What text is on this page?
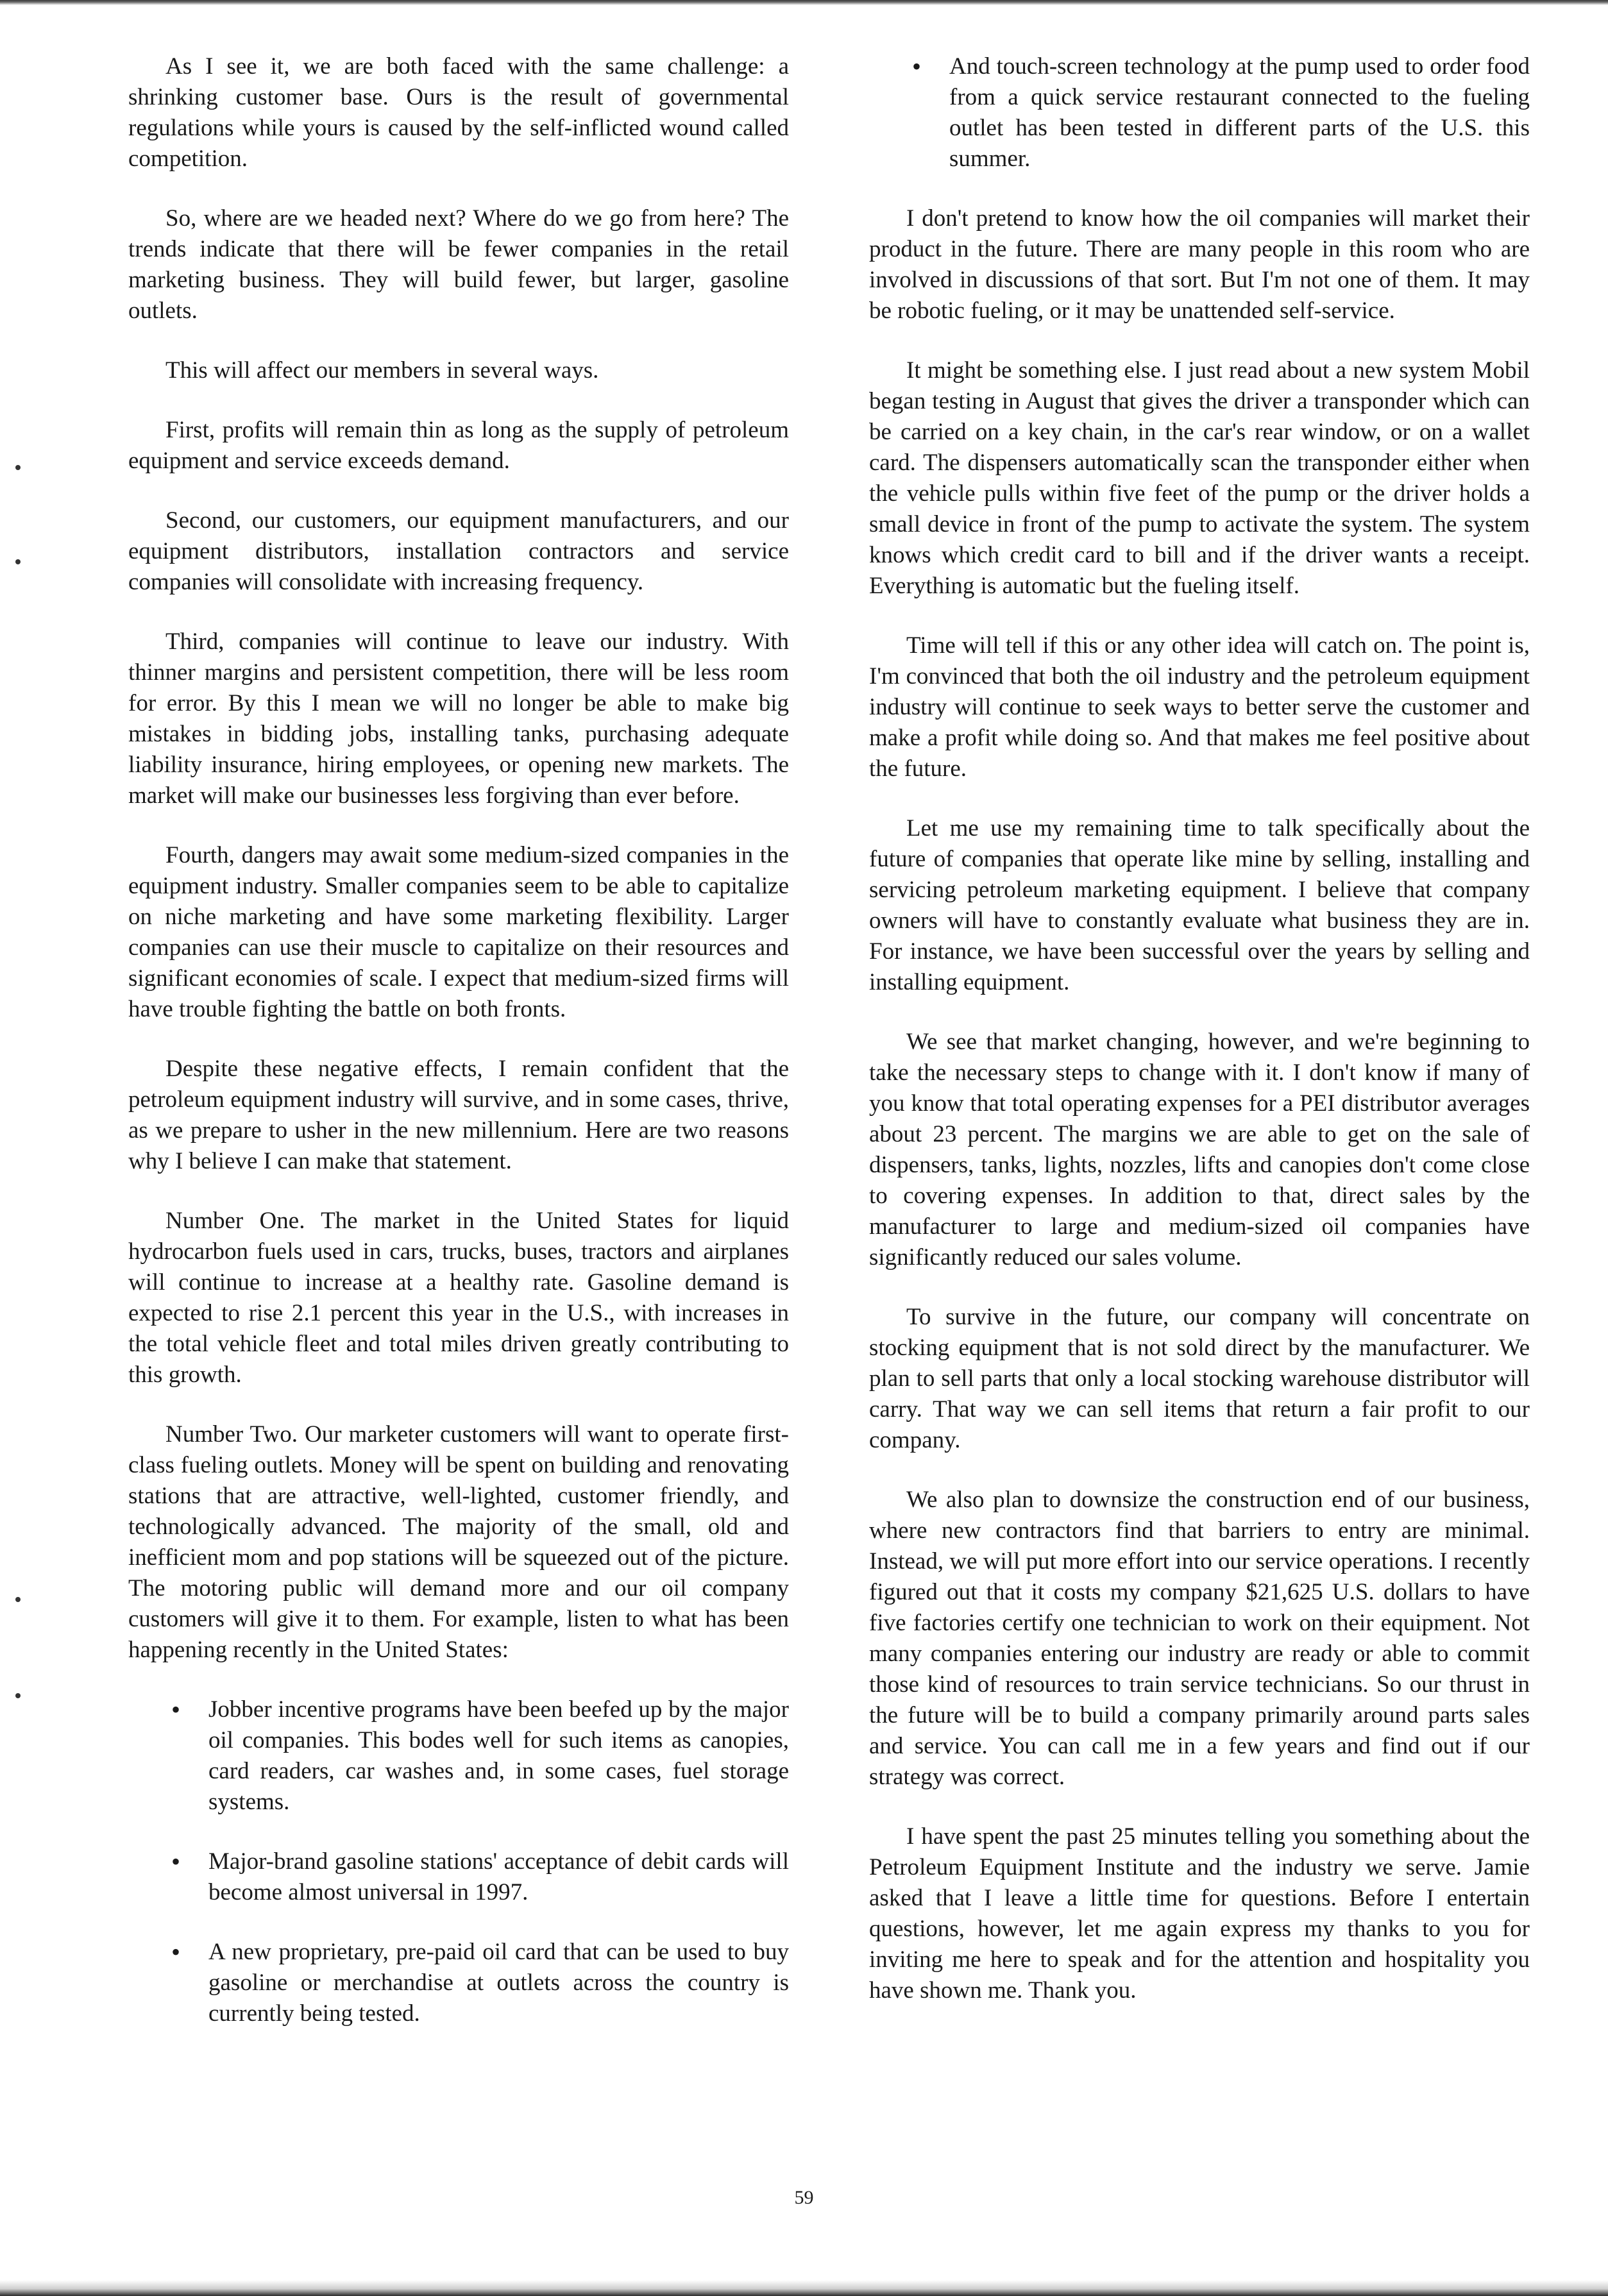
As I see it, we are both faced with the same challenge: a shrinking customer base. Ours is the result of governmental regulations while yours is caused by the self-inflicted wound called competition.

So, where are we headed next? Where do we go from here? The trends indicate that there will be fewer companies in the retail marketing business. They will build fewer, but larger, gasoline outlets.

This will affect our members in several ways.

First, profits will remain thin as long as the supply of petroleum equipment and service exceeds demand.

Second, our customers, our equipment manufacturers, and our equipment distributors, installation contractors and service companies will consolidate with increasing frequency.

Third, companies will continue to leave our industry. With thinner margins and persistent competition, there will be less room for error. By this I mean we will no longer be able to make big mistakes in bidding jobs, installing tanks, purchasing adequate liability insurance, hiring employees, or opening new markets. The market will make our businesses less forgiving than ever before.

Fourth, dangers may await some medium-sized companies in the equipment industry. Smaller companies seem to be able to capitalize on niche marketing and have some marketing flexibility. Larger companies can use their muscle to capitalize on their resources and significant economies of scale. I expect that medium-sized firms will have trouble fighting the battle on both fronts.

Despite these negative effects, I remain confident that the petroleum equipment industry will survive, and in some cases, thrive, as we prepare to usher in the new millennium. Here are two reasons why I believe I can make that statement.

Number One. The market in the United States for liquid hydrocarbon fuels used in cars, trucks, buses, tractors and airplanes will continue to increase at a healthy rate. Gasoline demand is expected to rise 2.1 percent this year in the U.S., with increases in the total vehicle fleet and total miles driven greatly contributing to this growth.

Number Two. Our marketer customers will want to operate first-class fueling outlets. Money will be spent on building and renovating stations that are attractive, well-lighted, customer friendly, and technologically advanced. The majority of the small, old and inefficient mom and pop stations will be squeezed out of the picture. The motoring public will demand more and our oil company customers will give it to them. For example, listen to what has been happening recently in the United States:

• Jobber incentive programs have been beefed up by the major oil companies. This bodes well for such items as canopies, card readers, car washes and, in some cases, fuel storage systems.
• Major-brand gasoline stations' acceptance of debit cards will become almost universal in 1997.
• A new proprietary, pre-paid oil card that can be used to buy gasoline or merchandise at outlets across the country is currently being tested.
• And touch-screen technology at the pump used to order food from a quick service restaurant connected to the fueling outlet has been tested in different parts of the U.S. this summer.

I don't pretend to know how the oil companies will market their product in the future. There are many people in this room who are involved in discussions of that sort. But I'm not one of them. It may be robotic fueling, or it may be unattended self-service.

It might be something else. I just read about a new system Mobil began testing in August that gives the driver a transponder which can be carried on a key chain, in the car's rear window, or on a wallet card. The dispensers automatically scan the transponder either when the vehicle pulls within five feet of the pump or the driver holds a small device in front of the pump to activate the system. The system knows which credit card to bill and if the driver wants a receipt. Everything is automatic but the fueling itself.

Time will tell if this or any other idea will catch on. The point is, I'm convinced that both the oil industry and the petroleum equipment industry will continue to seek ways to better serve the customer and make a profit while doing so. And that makes me feel positive about the future.

Let me use my remaining time to talk specifically about the future of companies that operate like mine by selling, installing and servicing petroleum marketing equipment. I believe that company owners will have to constantly evaluate what business they are in. For instance, we have been successful over the years by selling and installing equipment.

We see that market changing, however, and we're beginning to take the necessary steps to change with it. I don't know if many of you know that total operating expenses for a PEI distributor averages about 23 percent. The margins we are able to get on the sale of dispensers, tanks, lights, nozzles, lifts and canopies don't come close to covering expenses. In addition to that, direct sales by the manufacturer to large and medium-sized oil companies have significantly reduced our sales volume.

To survive in the future, our company will concentrate on stocking equipment that is not sold direct by the manufacturer. We plan to sell parts that only a local stocking warehouse distributor will carry. That way we can sell items that return a fair profit to our company.

We also plan to downsize the construction end of our business, where new contractors find that barriers to entry are minimal. Instead, we will put more effort into our service operations. I recently figured out that it costs my company $21,625 U.S. dollars to have five factories certify one technician to work on their equipment. Not many companies entering our industry are ready or able to commit those kind of resources to train service technicians. So our thrust in the future will be to build a company primarily around parts sales and service. You can call me in a few years and find out if our strategy was correct.

I have spent the past 25 minutes telling you something about the Petroleum Equipment Institute and the industry we serve. Jamie asked that I leave a little time for questions. Before I entertain questions, however, let me again express my thanks to you for inviting me here to speak and for the attention and hospitality you have shown me. Thank you.

59
